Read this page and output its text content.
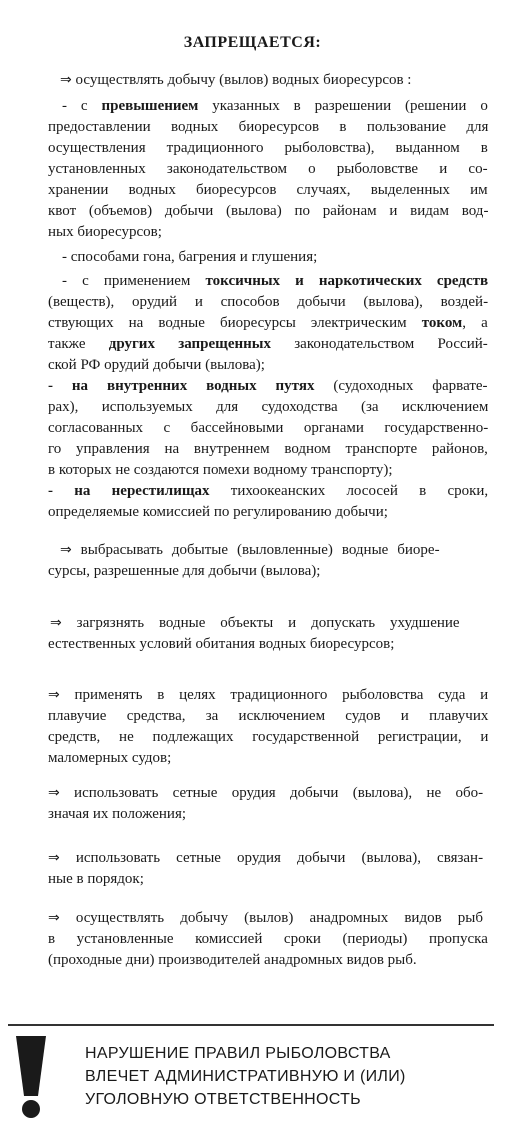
ЗАПРЕЩАЕТСЯ:
⇒ осуществлять добычу (вылов) водных биоресурсов :
- с превышением указанных в разрешении (решении о
предоставлении водных биоресурсов в пользование для
осуществления традиционного рыболовства), выданном в
установленных законодательством о рыболовстве и со-
хранении водных биоресурсов случаях, выделенных им
квот (объемов) добычи (вылова) по районам и видам вод-
ных биоресурсов;
- способами гона, багрения и глушения;
- с применением токсичных и наркотических средств
(веществ), орудий и способов добычи (вылова), воздей-
ствующих на водные биоресурсы электрическим током, а
также других запрещенных законодательством Россий-
ской РФ орудий добычи (вылова);
- на внутренних водных путях (судоходных фарвате-
рах), используемых для судоходства (за исключением
согласованных с бассейновыми органами государственно-
го управления на внутреннем водном транспорте районов,
в которых не создаются помехи водному транспорту);
- на нерестилищах тихоокеанских лососей в сроки,
определяемые комиссией по регулированию добычи;
⇒ выбрасывать добытые (выловленные) водные биоре-
сурсы, разрешенные для добычи (вылова);
⇒ загрязнять водные объекты и допускать ухудшение
естественных условий обитания водных биоресурсов;
⇒ применять в целях традиционного рыболовства суда и
плавучие средства, за исключением судов и плавучих
средств, не подлежащих государственной регистрации, и
маломерных судов;
⇒ использовать сетные орудия добычи (вылова), не обо-
значая их положения;
⇒ использовать сетные орудия добычи (вылова), связан-
ные в порядок;
⇒ осуществлять добычу (вылов) анадромных видов рыб
в установленные комиссией сроки (периоды) пропуска
(проходные дни) производителей анадромных видов рыб.
НАРУШЕНИЕ ПРАВИЛ РЫБОЛОВСТВА
ВЛЕЧЕТ АДМИНИСТРАТИВНУЮ И (ИЛИ)
УГОЛОВНУЮ ОТВЕТСТВЕННОСТЬ
